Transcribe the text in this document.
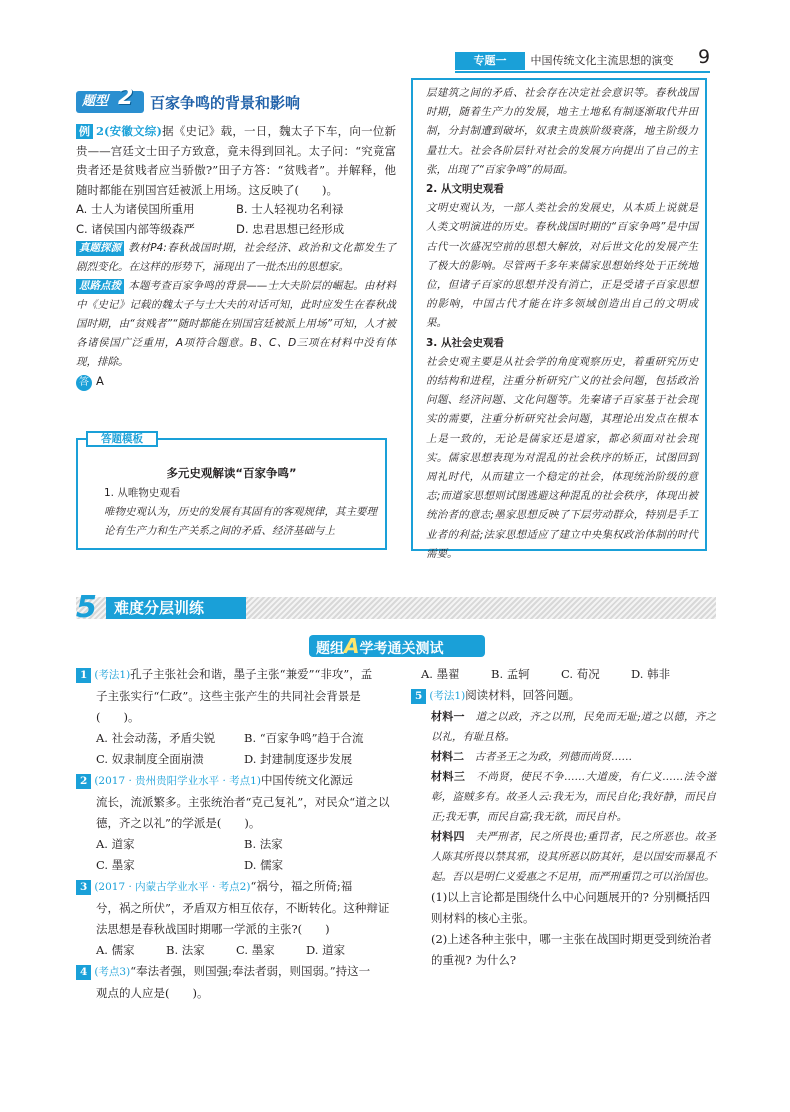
专题一	中国传统文化主流思想的演变 9
题型 2 百家争鸣的背景和影响

例 2(安徽文综)据《史记》载，一日，魏太子下车，向一位新贵——宫廷文士田子方致意，竟未得到回礼。太子问：“究竟富贵者还是贫贱者应当骄傲?”田子方答：“贫贱者”。并解释，他随时都能在别国宫廷被派上用场。这反映了(　　)。

A. 士人为诸侯国所重用	B. 士人轻视功名利禄
C. 诸侯国内部等级森严	D. 忠君思想已经形成

真题探源 教材P4:春秋战国时期，社会经济、政治和文化都发生了剧烈变化。在这样的形势下，涌现出了一批杰出的思想家。

思路点拨 本题考查百家争鸣的背景——士大夫阶层的崛起。由材料中《史记》记载的魏太子与士大夫的对话可知，此时应发生在春秋战国时期，由“贫贱者”“随时都能在别国宫廷被派上用场”可知，人才被各诸侯国广泛重用，A项符合题意。B、C、D三项在材料中没有体现，排除。

答 A

答题模板
多元史观解读“百家争鸣”
1. 从唯物史观看
唯物史观认为，历史的发展有其固有的客观规律，其主要理论有生产力和生产关系之间的矛盾、经济基础与上

层建筑之间的矛盾、社会存在决定社会意识等。春秋战国时期，随着生产力的发展，地主土地私有制逐渐取代井田制，分封制遭到破坏，奴隶主贵族阶级衰落，地主阶级力量壮大。社会各阶层针对社会的发展方向提出了自己的主张，出现了“百家争鸣”的局面。

2. 从文明史观看

文明史观认为，一部人类社会的发展史，从本质上说就是人类文明演进的历史。春秋战国时期的“百家争鸣”是中国古代一次盛况空前的思想大解放，对后世文化的发展产生了极大的影响。尽管两千多年来儒家思想始终处于正统地位，但诸子百家的思想并没有消亡，正是受诸子百家思想的影响，中国古代才能在许多领域创造出自己的文明成果。

3. 从社会史观看

社会史观主要是从社会学的角度观察历史，着重研究历史的结构和进程，注重分析研究广义的社会问题，包括政治问题、经济问题、文化问题等。先秦诸子百家基于社会现实的需要，注重分析研究社会问题，其理论出发点在根本上是一致的，无论是儒家还是道家，都必须面对社会现实。儒家思想表现为对混乱的社会秩序的矫正，试图回到周礼时代，从而建立一个稳定的社会，体现统治阶级的意志;而道家思想则试图逃避这种混乱的社会秩序，体现出被统治者的意志;墨家思想反映了下层劳动群众，特别是手工业者的利益;法家思想适应了建立中央集权政治体制的时代需要。

5	难度分层训练
题组A学考通关测试
1 (考法1)孔子主张社会和谐，墨子主张“兼爱”“非攻”，孟
子主张实行“仁政”。这些主张产生的共同社会背景是(　　)。
A. 社会动荡，矛盾尖锐	B. “百家争鸣”趋于合流
C. 奴隶制度全面崩溃	D. 封建制度逐步发展
2 (2017 · 贵州贵阳学业水平 · 考点1)中国传统文化源远
流长，流派繁多。主张统治者“克己复礼”，对民众“道之以德，齐之以礼”的学派是(　　)。
A. 道家	B. 法家
C. 墨家	D. 儒家
3 (2017 · 内蒙古学业水平 · 考点2)“祸兮，福之所倚;福
兮，祸之所伏”，矛盾双方相互依存，不断转化。这种辩证法思想是春秋战国时期哪一学派的主张?(　　)
A. 儒家	B. 法家	C. 墨家	D. 道家
4 (考点3)“奉法者强，则国强;奉法者弱，则国弱。”持这一
观点的人应是(　　)。
A. 墨翟	B. 孟轲	C. 荀况	D. 韩非
5 (考法1)阅读材料，回答问题。

材料一　 道之以政，齐之以刑，民免而无耻;道之以德，齐之以礼，有耻且格。

材料二　 古者圣王之为政，列德而尚贤……

材料三　 不尚贤，使民不争……大道废，有仁义……法令滋彰，盗贼多有。故圣人云:我无为，而民自化;我好静，而民自正;我无事，而民自富;我无欲，而民自朴。

材料四　 夫严刑者，民之所畏也;重罚者，民之所恶也。故圣人陈其所畏以禁其邪，设其所恶以防其奸，是以国安而暴乱不起。吾以是明仁义爱惠之不足用，而严刑重罚之可以治国也。

(1)以上言论都是围绕什么中心问题展开的? 分别概括四则材料的核心主张。

(2)上述各种主张中，哪一主张在战国时期更受到统治者的重视? 为什么?
